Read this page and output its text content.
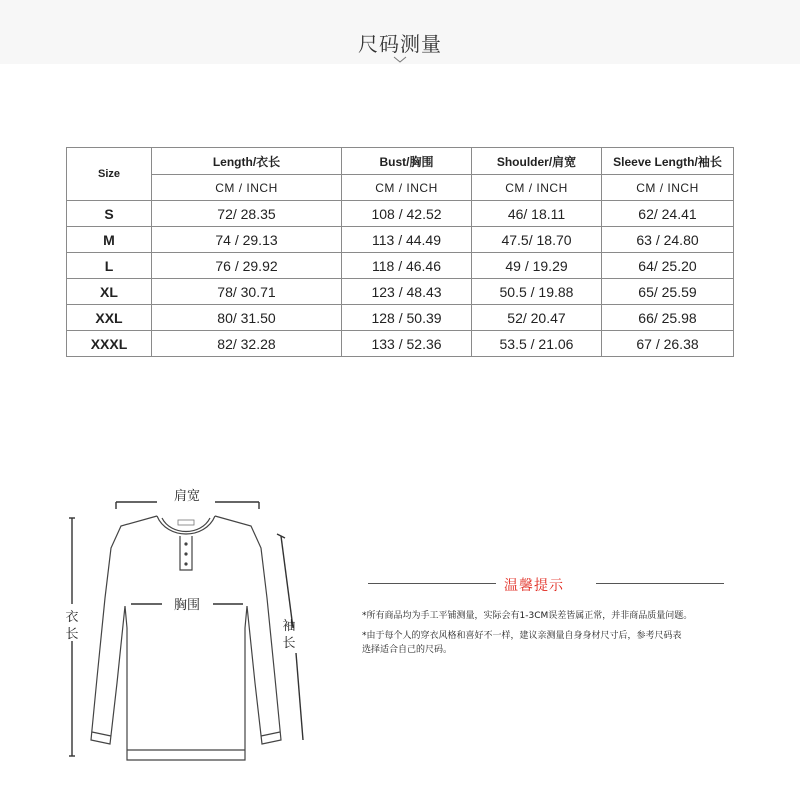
尺码测量
Size	Length/衣长	Bust/胸围	Shoulder/肩宽	Sleeve Length/袖长
	CM / INCH	CM / INCH	CM / INCH	CM / INCH
S	72/ 28.35	108 / 42.52	46/ 18.11	62/ 24.41
M	74 / 29.13	113 / 44.49	47.5/ 18.70	63 / 24.80
L	76 / 29.92	118 / 46.46	49 / 19.29	64/ 25.20
XL	78/ 30.71	123 / 48.43	50.5 / 19.88	65/ 25.59
XXL	80/ 31.50	128 / 50.39	52/ 20.47	66/ 25.98
XXXL	82/ 32.28	133 / 52.36	53.5 / 21.06	67 / 26.38
肩宽
胸围
衣
长
袖
长
温馨提示
*所有商品均为手工平铺测量，实际会有1-3CM误差皆属正常，并非商品质量问题。
*由于每个人的穿衣风格和喜好不一样，建议亲测量自身身材尺寸后，参考尺码表
选择适合自己的尺码。
